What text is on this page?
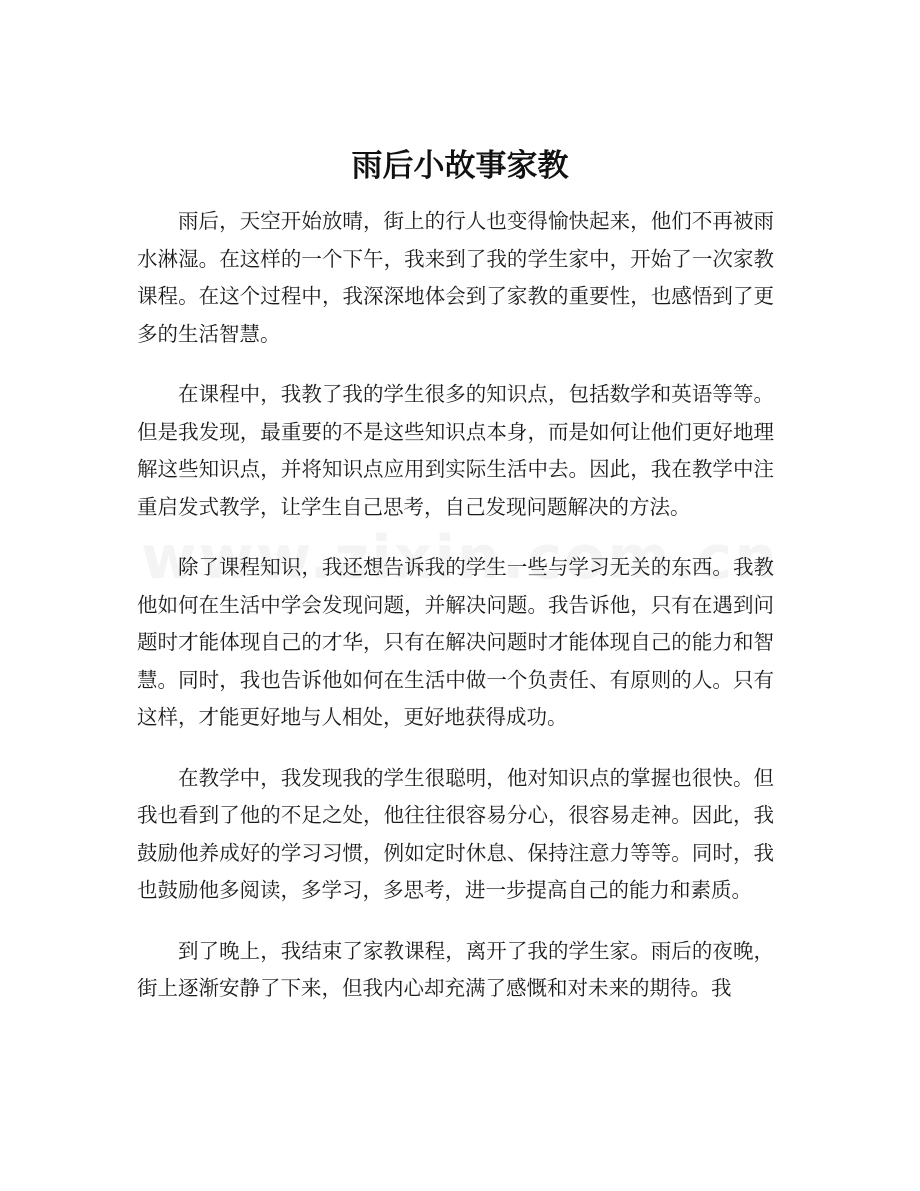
雨后小故事家教

雨后，天空开始放晴，街上的行人也变得愉快起来，他们不再被雨水淋湿。在这样的一个下午，我来到了我的学生家中，开始了一次家教课程。在这个过程中，我深深地体会到了家教的重要性，也感悟到了更多的生活智慧。

在课程中，我教了我的学生很多的知识点，包括数学和英语等等。但是我发现，最重要的不是这些知识点本身，而是如何让他们更好地理解这些知识点，并将知识点应用到实际生活中去。因此，我在教学中注重启发式教学，让学生自己思考，自己发现问题解决的方法。

除了课程知识，我还想告诉我的学生一些与学习无关的东西。我教他如何在生活中学会发现问题，并解决问题。我告诉他，只有在遇到问题时才能体现自己的才华，只有在解决问题时才能体现自己的能力和智慧。同时，我也告诉他如何在生活中做一个负责任、有原则的人。只有这样，才能更好地与人相处，更好地获得成功。

在教学中，我发现我的学生很聪明，他对知识点的掌握也很快。但我也看到了他的不足之处，他往往很容易分心，很容易走神。因此，我鼓励他养成好的学习习惯，例如定时休息、保持注意力等等。同时，我也鼓励他多阅读，多学习，多思考，进一步提高自己的能力和素质。

到了晚上，我结束了家教课程，离开了我的学生家。雨后的夜晚，街上逐渐安静了下来，但我内心却充满了感慨和对未来的期待。我
